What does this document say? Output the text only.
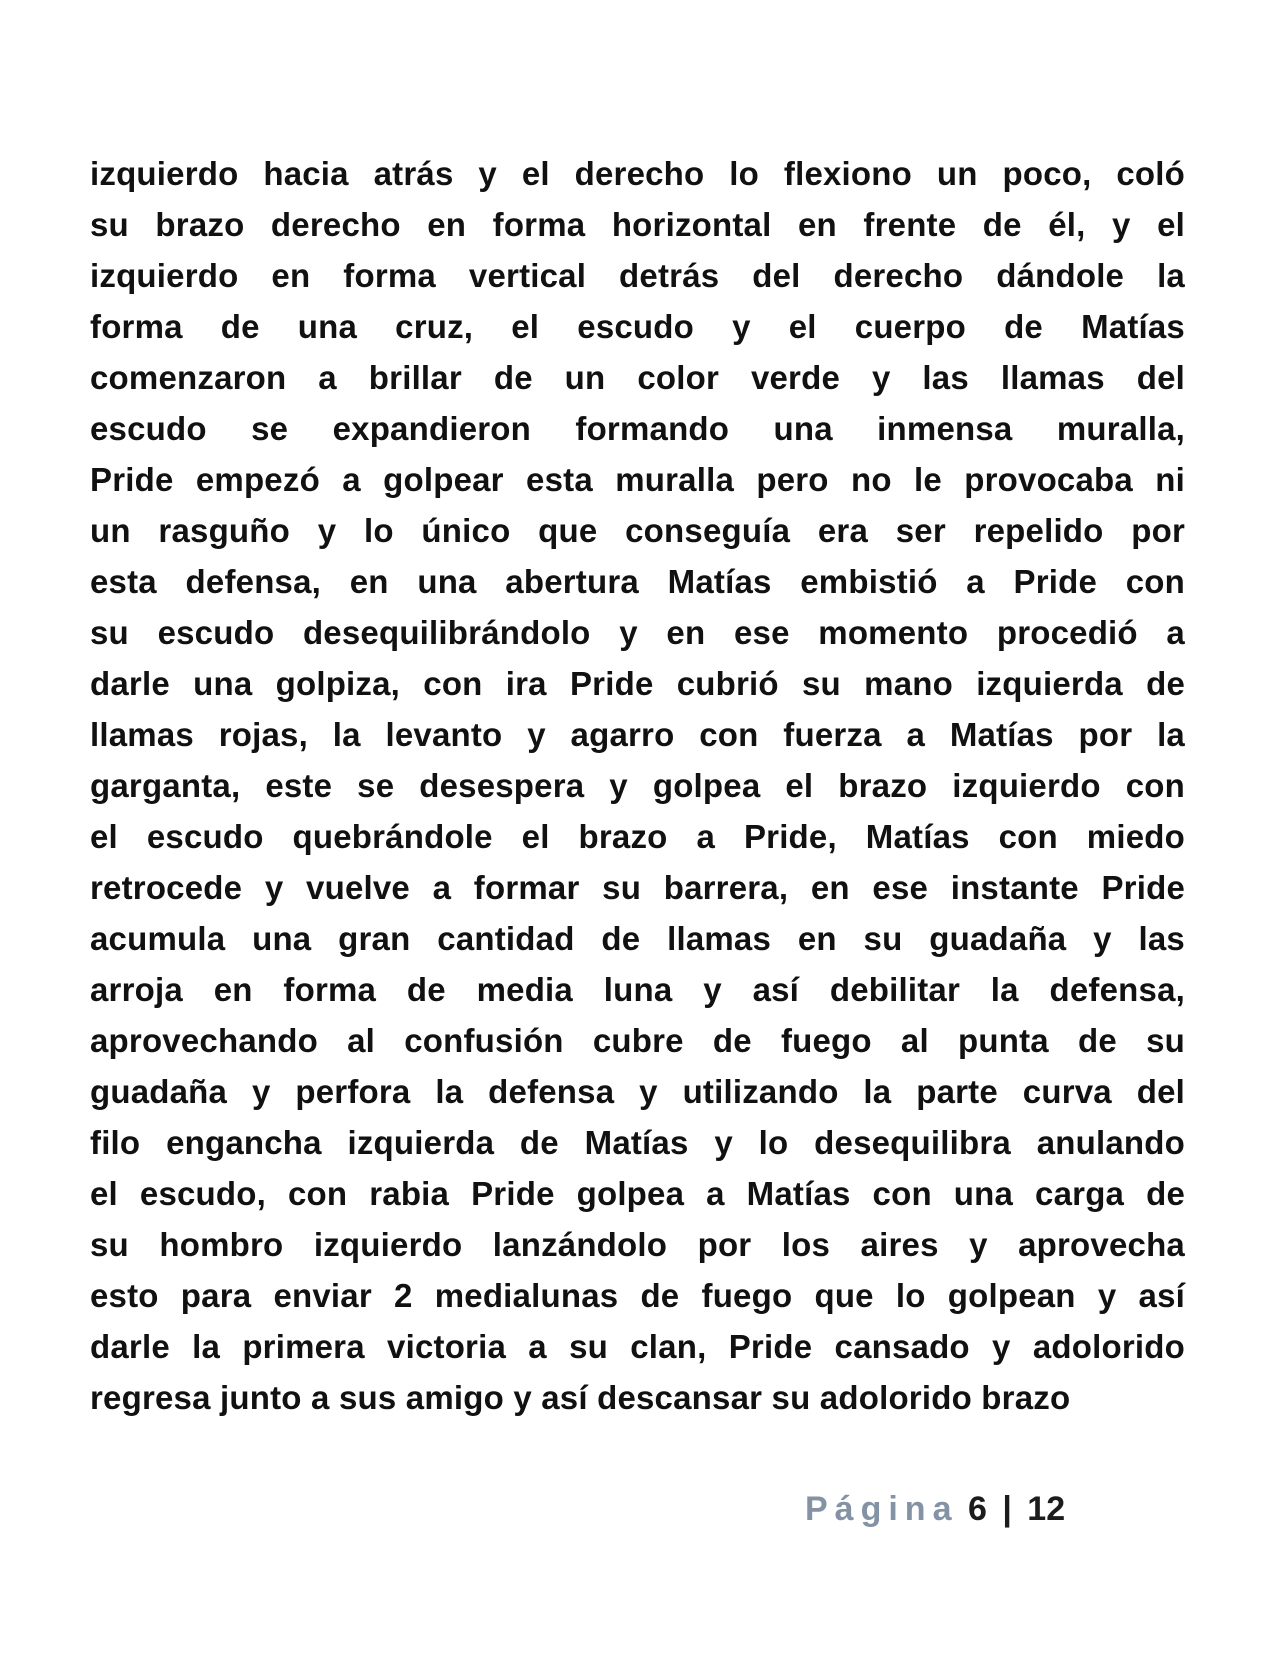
izquierdo hacia atrás y el derecho lo flexiono un poco, coló
su brazo derecho en forma horizontal en frente de él, y el
izquierdo en forma vertical detrás del derecho dándole la
forma de una cruz, el escudo y el cuerpo de Matías
comenzaron a brillar de un color verde y las llamas del
escudo se expandieron formando una inmensa muralla,
Pride empezó a golpear esta muralla pero no le provocaba ni
un rasguño y lo único que conseguía era ser repelido por
esta defensa, en una abertura Matías embistió a Pride con
su escudo desequilibrándolo y en ese momento procedió a
darle una golpiza, con ira Pride cubrió su mano izquierda de
llamas rojas, la levanto y agarro con fuerza a Matías por la
garganta, este se desespera y golpea el brazo izquierdo con
el escudo quebrándole el brazo a Pride, Matías con miedo
retrocede y vuelve a formar su barrera, en ese instante Pride
acumula una gran cantidad de llamas en su guadaña y las
arroja en forma de media luna y así debilitar la defensa,
aprovechando al confusión cubre de fuego al punta de su
guadaña y perfora la defensa y utilizando la parte curva del
filo engancha izquierda de Matías y lo desequilibra anulando
el escudo, con rabia Pride golpea a Matías con una carga de
su hombro izquierdo lanzándolo por los aires y aprovecha
esto para enviar 2 medialunas de fuego que lo golpean y así
darle la primera victoria a su clan, Pride cansado y adolorido
regresa junto a sus amigo y así descansar su adolorido brazo
Página 6 | 12
